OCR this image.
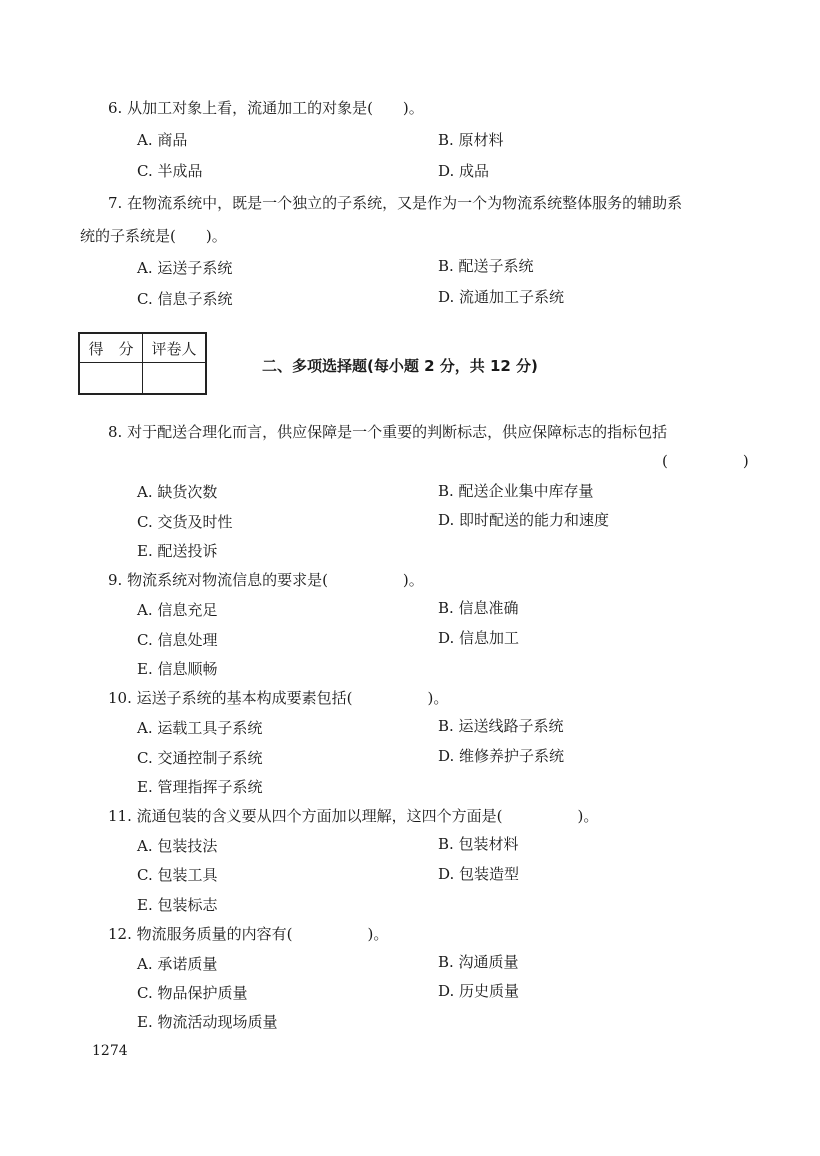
6. 从加工对象上看，流通加工的对象是(　　)。
A. 商品	B. 原材料
C. 半成品	D. 成品
7. 在物流系统中，既是一个独立的子系统，又是作为一个为物流系统整体服务的辅助系
统的子系统是(　　)。
A. 运送子系统	B. 配送子系统
C. 信息子系统	D. 流通加工子系统
得　分	评卷人

二、多项选择题(每小题 2 分，共 12 分)
8. 对于配送合理化而言，供应保障是一个重要的判断标志，供应保障标志的指标包括
(　　　　　)
A. 缺货次数	B. 配送企业集中库存量
C. 交货及时性	D. 即时配送的能力和速度
E. 配送投诉
9. 物流系统对物流信息的要求是(　　　　　)。
A. 信息充足	B. 信息准确
C. 信息处理	D. 信息加工
E. 信息顺畅
10. 运送子系统的基本构成要素包括(　　　　　)。
A. 运载工具子系统	B. 运送线路子系统
C. 交通控制子系统	D. 维修养护子系统
E. 管理指挥子系统
11. 流通包装的含义要从四个方面加以理解，这四个方面是(　　　　　)。
A. 包装技法	B. 包装材料
C. 包装工具	D. 包装造型
E. 包装标志
12. 物流服务质量的内容有(　　　　　)。
A. 承诺质量	B. 沟通质量
C. 物品保护质量	D. 历史质量
E. 物流活动现场质量
1274
